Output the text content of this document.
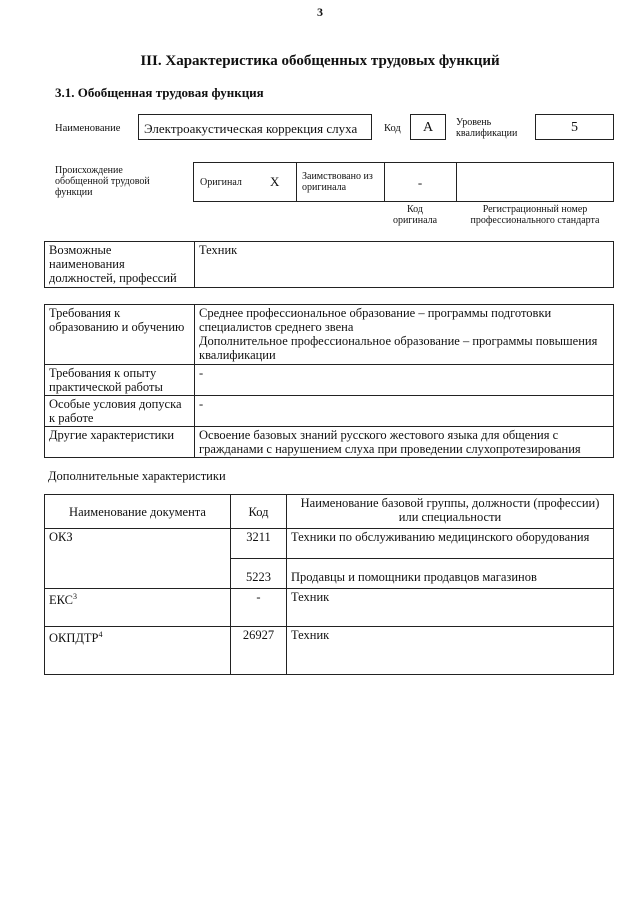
3
III. Характеристика обобщенных трудовых функций
3.1. Обобщенная трудовая функция
Наименование	Электроакустическая коррекция слуха	Код	A	Уровень квалификации	5
Происхождение обобщенной трудовой функции
Оригинал X Заимствовано из оригинала	-
Код оригинала
Регистрационный номер профессионального стандарта
Возможные наименования должностей, профессий	Техник
Требования к образованию и обучению	Среднее профессиональное образование – программы подготовки специалистов среднего звена
Дополнительное профессиональное образование – программы повышения квалификации
Требования к опыту практической работы	-
Особые условия допуска к работе	-
Другие характеристики	Освоение базовых знаний русского жестового языка для общения с гражданами с нарушением слуха при проведении слухопротезирования
Дополнительные характеристики
Наименование документа	Код	Наименование базовой группы, должности (профессии) или специальности
ОКЗ	3211	Техники по обслуживанию медицинского оборудования
	5223	Продавцы и помощники продавцов магазинов
ЕКС$^3$	-	Техник
ОКПДТР$^4$	26927	Техник
